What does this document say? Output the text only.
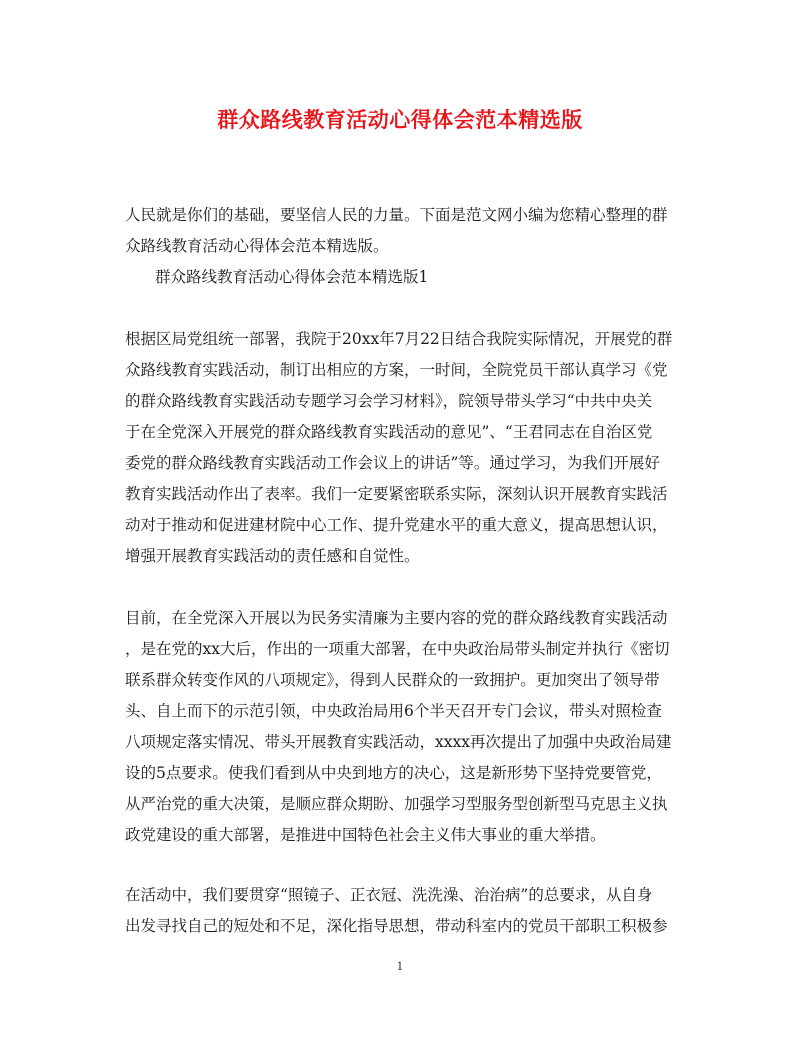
群众路线教育活动心得体会范本精选版
人民就是你们的基础，要坚信人民的力量。下面是范文网小编为您精心整理的群
众路线教育活动心得体会范本精选版。
群众路线教育活动心得体会范本精选版1
根据区局党组统一部署，我院于20xx年7月22日结合我院实际情况，开展党的群
众路线教育实践活动，制订出相应的方案，一时间，全院党员干部认真学习《党
的群众路线教育实践活动专题学习会学习材料》，院领导带头学习“中共中央关
于在全党深入开展党的群众路线教育实践活动的意见”、“王君同志在自治区党
委党的群众路线教育实践活动工作会议上的讲话”等。通过学习，为我们开展好
教育实践活动作出了表率。我们一定要紧密联系实际，深刻认识开展教育实践活
动对于推动和促进建材院中心工作、提升党建水平的重大意义，提高思想认识，
增强开展教育实践活动的责任感和自觉性。
目前，在全党深入开展以为民务实清廉为主要内容的党的群众路线教育实践活动
，是在党的xx大后，作出的一项重大部署，在中央政治局带头制定并执行《密切
联系群众转变作风的八项规定》，得到人民群众的一致拥护。更加突出了领导带
头、自上而下的示范引领，中央政治局用6个半天召开专门会议，带头对照检查
八项规定落实情况、带头开展教育实践活动，xxxx再次提出了加强中央政治局建
设的5点要求。使我们看到从中央到地方的决心，这是新形势下坚持党要管党，
从严治党的重大决策，是顺应群众期盼、加强学习型服务型创新型马克思主义执
政党建设的重大部署，是推进中国特色社会主义伟大事业的重大举措。
在活动中，我们要贯穿“照镜子、正衣冠、洗洗澡、治治病”的总要求，从自身
出发寻找自己的短处和不足，深化指导思想，带动科室内的党员干部职工积极参
1
